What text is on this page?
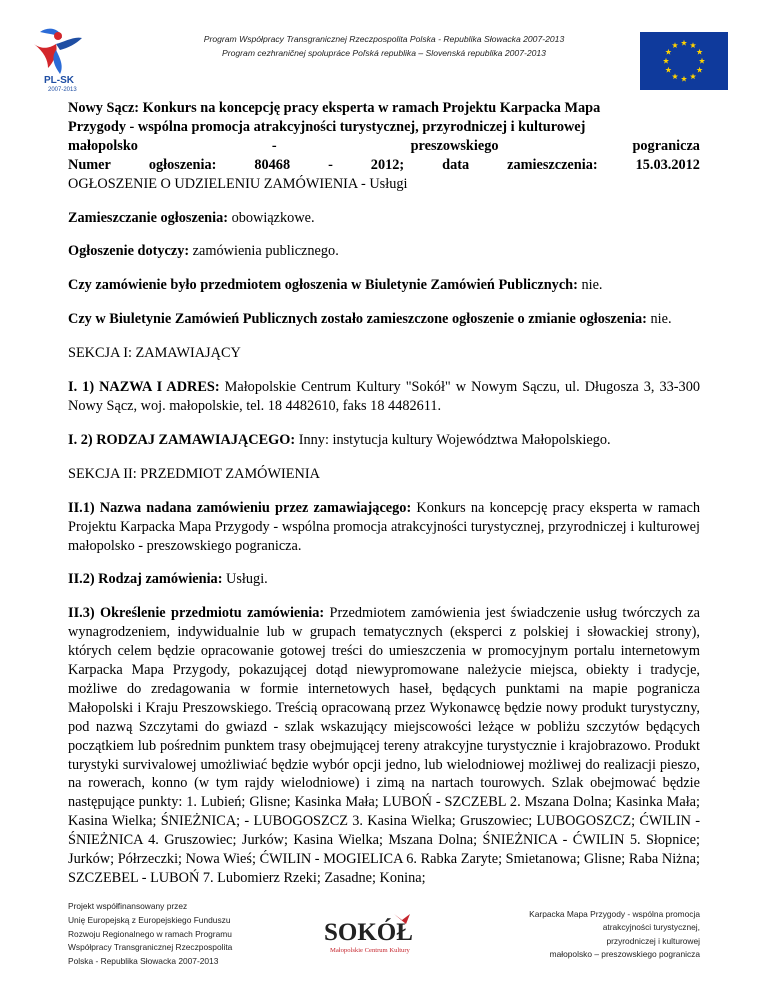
PL-SK
2007-2013
Program Współpracy Transgranicznej Rzeczpospolita Polska - Republika Słowacka 2007-2013
Program cezhraničnej spolupráce Poľská republika – Slovenská republika 2007-2013

Nowy Sącz: Konkurs na koncepcję pracy eksperta w ramach Projektu Karpacka Mapa
Przygody - wspólna promocja atrakcyjności turystycznej, przyrodniczej i kulturowej
małopolsko	-	preszowskiego	pogranicza
Numer	ogłoszenia:	80468	-	2012;	data	zamieszczenia:	15.03.2012
OGŁOSZENIE O UDZIELENIU ZAMÓWIENIA - Usługi

Zamieszczanie ogłoszenia: obowiązkowe.

Ogłoszenie dotyczy: zamówienia publicznego.

Czy zamówienie było przedmiotem ogłoszenia w Biuletynie Zamówień Publicznych: nie.

Czy w Biuletynie Zamówień Publicznych zostało zamieszczone ogłoszenie o zmianie ogłoszenia: nie.

SEKCJA I: ZAMAWIAJĄCY

I. 1) NAZWA I ADRES: Małopolskie Centrum Kultury "Sokół" w Nowym Sączu, ul. Długosza 3, 33-300 Nowy Sącz, woj. małopolskie, tel. 18 4482610, faks 18 4482611.

I. 2) RODZAJ ZAMAWIAJĄCEGO: Inny: instytucja kultury Województwa Małopolskiego.

SEKCJA II: PRZEDMIOT ZAMÓWIENIA

II.1) Nazwa nadana zamówieniu przez zamawiającego: Konkurs na koncepcję pracy eksperta w ramach Projektu Karpacka Mapa Przygody - wspólna promocja atrakcyjności turystycznej, przyrodniczej i kulturowej małopolsko - preszowskiego pogranicza.

II.2) Rodzaj zamówienia: Usługi.

II.3) Określenie przedmiotu zamówienia: Przedmiotem zamówienia jest świadczenie usług twórczych za wynagrodzeniem, indywidualnie lub w grupach tematycznych (eksperci z polskiej i słowackiej strony), których celem będzie opracowanie gotowej treści do umieszczenia w promocyjnym portalu internetowym Karpacka Mapa Przygody, pokazującej dotąd niewypromowane należycie miejsca, obiekty i tradycje, możliwe do zredagowania w formie internetowych haseł, będących punktami na mapie pogranicza Małopolski i Kraju Preszowskiego. Treścią opracowaną przez Wykonawcę będzie nowy produkt turystyczny, pod nazwą Szczytami do gwiazd - szlak wskazujący miejscowości leżące w pobliżu szczytów będących początkiem lub pośrednim punktem trasy obejmującej tereny atrakcyjne turystycznie i krajobrazowo. Produkt turystyki survivalowej umożliwiać będzie wybór opcji jedno, lub wielodniowej możliwej do realizacji pieszo, na rowerach, konno (w tym rajdy wielodniowe) i zimą na nartach tourowych. Szlak obejmować będzie następujące punkty: 1. Lubień; Glisne; Kasinka Mała; LUBOŃ - SZCZEBL 2. Mszana Dolna; Kasinka Mała; Kasina Wielka; ŚNIEŻNICA; - LUBOGOSZCZ 3. Kasina Wielka; Gruszowiec; LUBOGOSZCZ; ĆWILIN - ŚNIEŻNICA 4. Gruszowiec; Jurków; Kasina Wielka; Mszana Dolna; ŚNIEŻNICA - ĆWILIN 5. Słopnice; Jurków; Półrzeczki; Nowa Wieś; ĆWILIN - MOGIELICA 6. Rabka Zaryte; Smietanowa; Glisne; Raba Niżna; SZCZEBEL - LUBOŃ 7. Lubomierz Rzeki; Zasadne; Konina;

Projekt współfinansowany przez
Unię Europejską z Europejskiego Funduszu
Rozwoju Regionalnego w ramach Programu
Współpracy Transgranicznej Rzeczpospolita
Polska - Republika Słowacka 2007-2013
SOKÓŁ
Małopolskie Centrum Kultury
Karpacka Mapa Przygody - wspólna promocja
atrakcyjności turystycznej,
przyrodniczej i kulturowej
małopolsko – preszowskiego pogranicza
